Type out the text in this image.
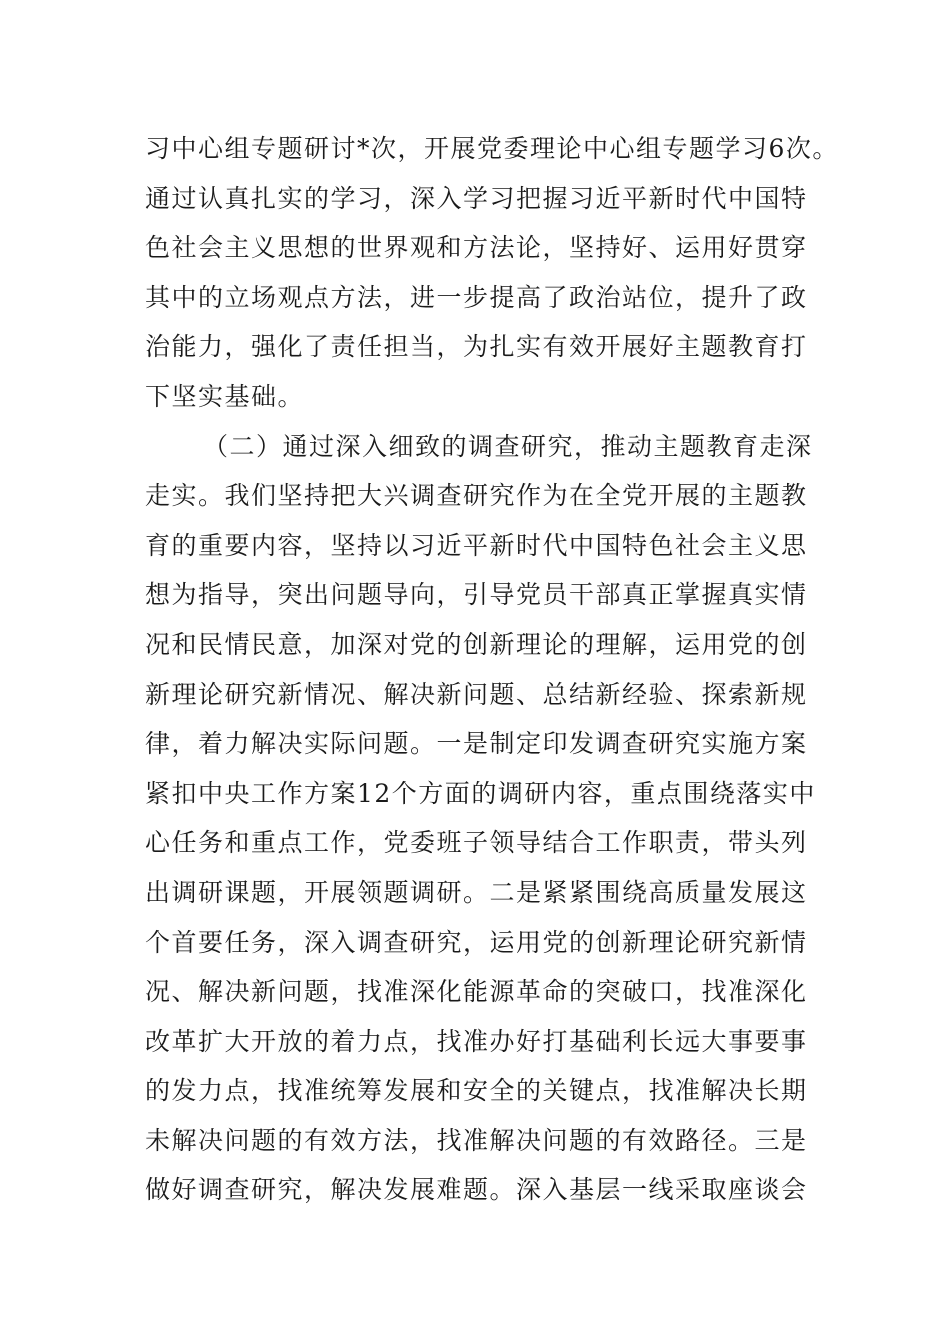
习中心组专题研讨*次，开展党委理论中心组专题学习6次。
通过认真扎实的学习，深入学习把握习近平新时代中国特
色社会主义思想的世界观和方法论，坚持好、运用好贯穿
其中的立场观点方法，进一步提高了政治站位，提升了政
治能力，强化了责任担当，为扎实有效开展好主题教育打
下坚实基础。
（二）通过深入细致的调查研究，推动主题教育走深
走实。我们坚持把大兴调查研究作为在全党开展的主题教
育的重要内容，坚持以习近平新时代中国特色社会主义思
想为指导，突出问题导向，引导党员干部真正掌握真实情
况和民情民意，加深对党的创新理论的理解，运用党的创
新理论研究新情况、解决新问题、总结新经验、探索新规
律，着力解决实际问题。一是制定印发调查研究实施方案
紧扣中央工作方案12个方面的调研内容，重点围绕落实中
心任务和重点工作，党委班子领导结合工作职责，带头列
出调研课题，开展领题调研。二是紧紧围绕高质量发展这
个首要任务，深入调查研究，运用党的创新理论研究新情
况、解决新问题，找准深化能源革命的突破口，找准深化
改革扩大开放的着力点，找准办好打基础利长远大事要事
的发力点，找准统筹发展和安全的关键点，找准解决长期
未解决问题的有效方法，找准解决问题的有效路径。三是
做好调查研究，解决发展难题。深入基层一线采取座谈会
